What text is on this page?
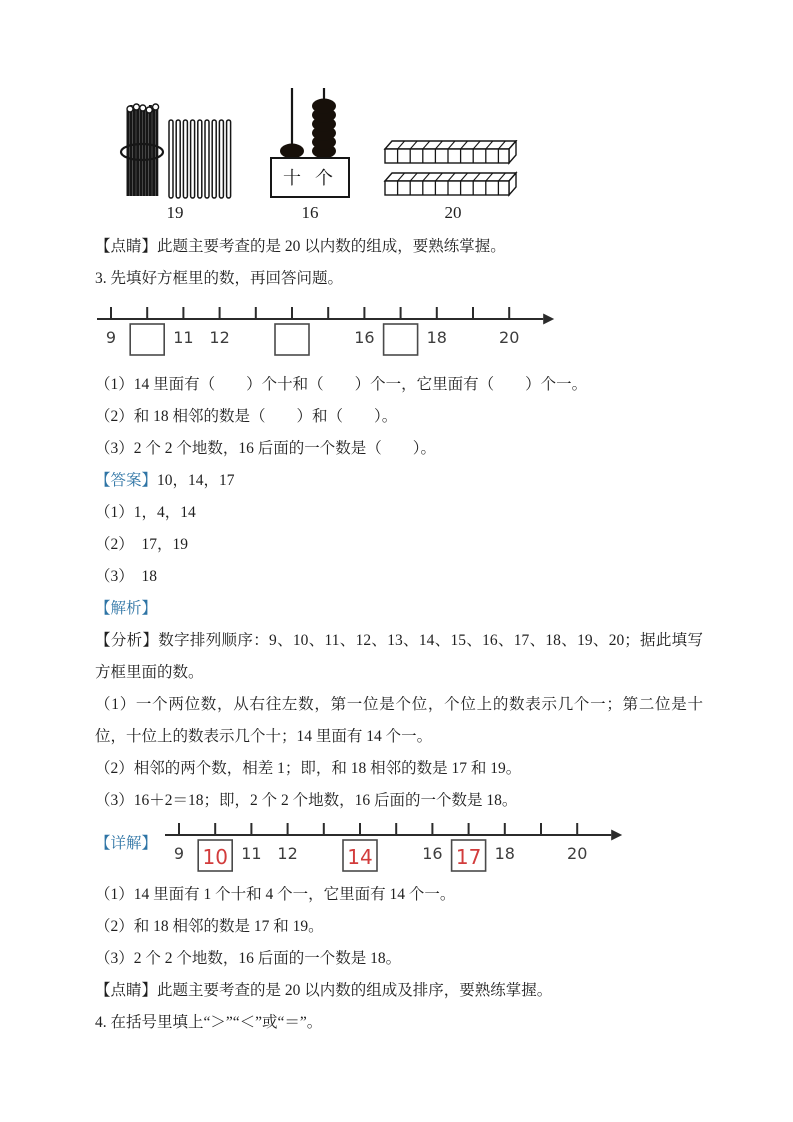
19
十 个
16	20

【点睛】此题主要考查的是 20 以内数的组成，要熟练掌握。

3. 先填好方框里的数，再回答问题。

9	11 12	16	18	20

（1）14 里面有（　　）个十和（　　）个一，它里面有（　　）个一。

（2）和 18 相邻的数是（　　）和（　　）。

（3）2 个 2 个地数，16 后面的一个数是（　　）。

【答案】10，14，17

（1）1，4，14

（2）  17，19

（3）  18

【解析】

【分析】数字排列顺序：9、10、11、12、13、14、15、16、17、18、19、20；据此填写方框里面的数。

（1）一个两位数，从右往左数，第一位是个位，个位上的数表示几个一；第二位是十位，十位上的数表示几个十；14 里面有 14 个一。

（2）相邻的两个数，相差 1；即，和 18 相邻的数是 17 和 19。

（3）16＋2＝18；即，2 个 2 个地数，16 后面的一个数是 18。

【详解】
9 10 11 12 14	16 17 18	20

（1）14 里面有 1 个十和 4 个一，它里面有 14 个一。

（2）和 18 相邻的数是 17 和 19。

（3）2 个 2 个地数，16 后面的一个数是 18。

【点睛】此题主要考查的是 20 以内数的组成及排序，要熟练掌握。

4. 在括号里填上“＞”“＜”或“＝”。
